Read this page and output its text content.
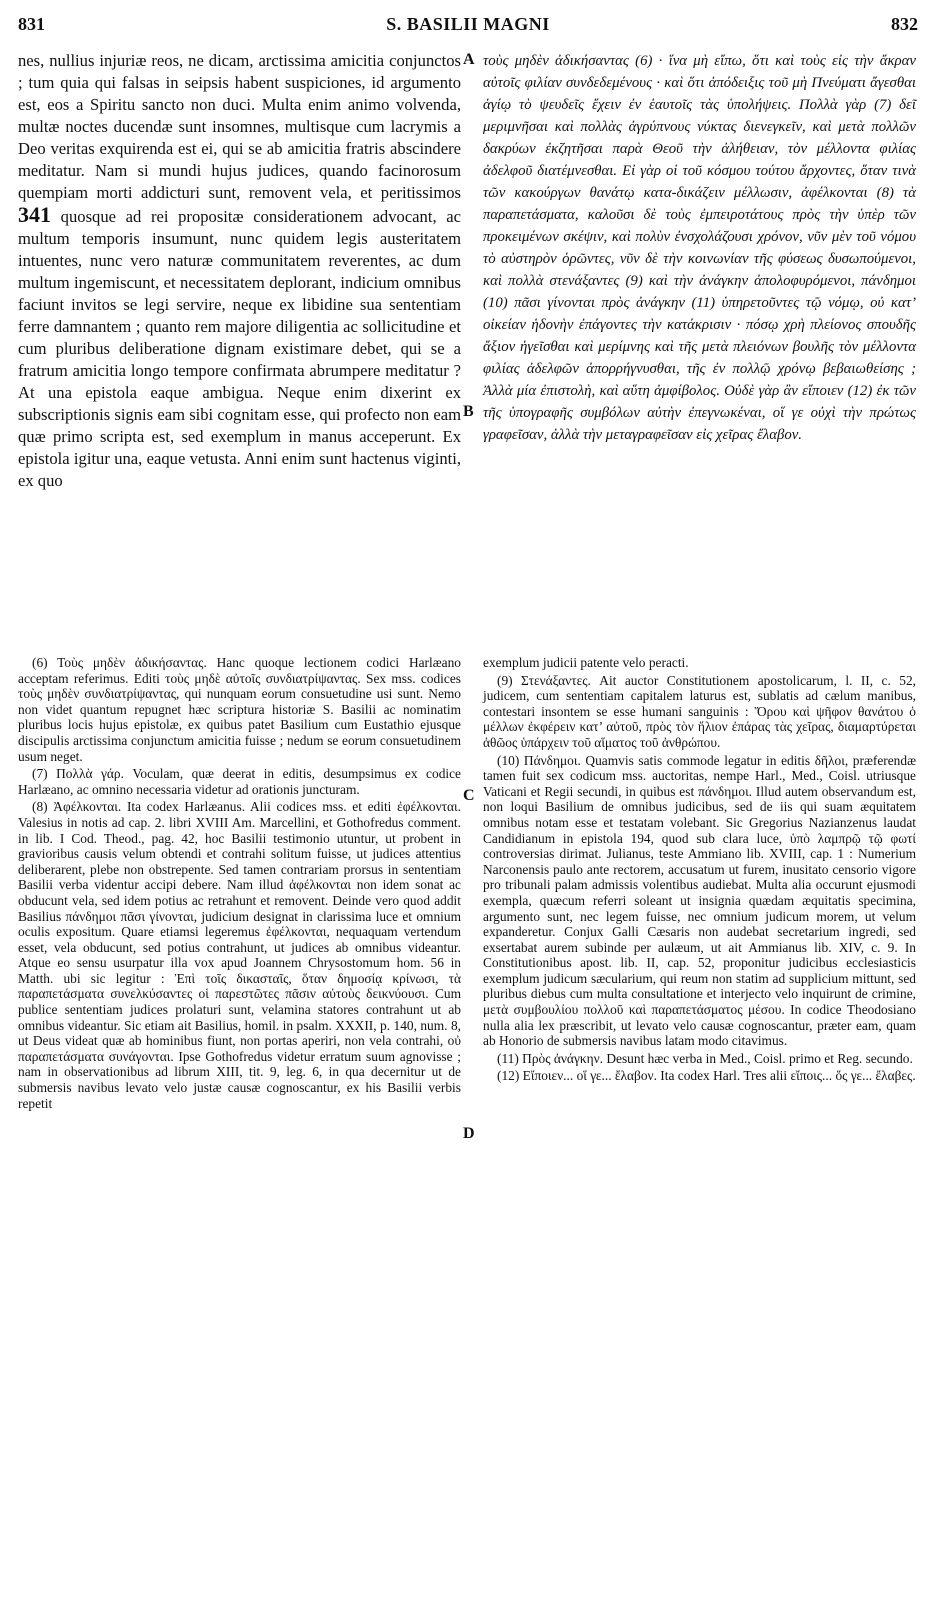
831	S. BASILII MAGNI	832
nes, nullius injuriæ reos, ne dicam, arctissima amicitia conjunctos ; tum quia qui falsas in seipsis habent suspiciones, id argumento est, eos a Spiritu sancto non duci. Multa enim animo volvenda, multæ noctes ducendæ sunt insomnes, multisque cum lacrymis a Deo veritas exquirenda est ei, qui se ab amicitia fratris abscindere meditatur. Nam si mundi hujus judices, quando facinorosum quempiam morti addicturi sunt, removent vela, et peritissimos 341 quosque ad rei propositæ considerationem advocant, ac multum temporis insumunt, nunc quidem legis austeritatem intuentes, nunc vero naturæ communitatem reverentes, ac dum multum ingemiscunt, et necessitatem deplorant, indicium omnibus faciunt invitos se legi servire, neque ex libidine sua sententiam ferre damnantem ; quanto rem majore diligentia ac sollicitudine et cum pluribus deliberatione dignam existimare debet, qui se a fratrum amicitia longo tempore confirmata abrumpere meditatur ? At una epistola eaque ambigua. Neque enim dixerint ex subscriptionis signis eam sibi cognitam esse, qui profecto non eam quæ primo scripta est, sed exemplum in manus acceperunt. Ex epistola igitur una, eaque vetusta. Anni enim sunt hactenus viginti, ex quo
A
B
C
D
τοὺς μηδὲν ἀδικήσαντας (6) · ἵνα μὴ εἴπω, ὅτι καὶ τοὺς εἰς τὴν ἄκραν αὐτοῖς φιλίαν συνδεδεμένους · καὶ ὅτι ἀπόδειξις τοῦ μὴ Πνεύματι ἄγεσθαι ἁγίῳ τὸ ψευδεῖς ἔχειν ἐν ἑαυτοῖς τὰς ὑπολήψεις. Πολλὰ γὰρ (7) δεῖ μεριμνῆσαι καὶ πολλὰς ἀγρύπνους νύκτας διενεγκεῖν, καὶ μετὰ πολλῶν δακρύων ἐκζητῆσαι παρὰ Θεοῦ τὴν ἀλήθειαν, τὸν μέλλοντα φιλίας ἀδελφοῦ διατέμνεσθαι. Εἰ γὰρ οἱ τοῦ κόσμου τούτου ἄρχοντες, ὅταν τινὰ τῶν κακούργων θανάτῳ κατα-δικάζειν μέλλωσιν, ἀφέλκονται (8) τὰ παραπετάσματα, καλοῦσι δὲ τοὺς ἐμπειροτάτους πρὸς τὴν ὑπὲρ τῶν προκειμένων σκέψιν, καὶ πολὺν ἐνσχολάζουσι χρόνον, νῦν μὲν τοῦ νόμου τὸ αὐστηρὸν ὁρῶντες, νῦν δὲ τὴν κοινωνίαν τῆς φύσεως δυσωπούμενοι, καὶ πολλὰ στενάξαντες (9) καὶ τὴν ἀνάγκην ἀπολοφυρόμενοι, πάνδημοι (10) πᾶσι γίνονται πρὸς ἀνάγκην (11) ὑπηρετοῦντες τῷ νόμῳ, οὐ κατ’ οἰκείαν ἡδονὴν ἐπάγοντες τὴν κατάκρισιν · πόσῳ χρὴ πλείονος σπουδῆς ἄξιον ἡγεῖσθαι καὶ μερίμνης καὶ τῆς μετὰ πλειόνων βουλῆς τὸν μέλλοντα φιλίας ἀδελφῶν ἀπορρήγνυσθαι, τῆς ἐν πολλῷ χρόνῳ βεβαιωθείσης ; Ἀλλὰ μία ἐπιστολὴ, καὶ αὕτη ἀμφίβολος. Οὐδὲ γὰρ ἂν εἴποιεν (12) ἐκ τῶν τῆς ὑπογραφῆς συμβόλων αὐτὴν ἐπεγνωκέναι, οἵ γε οὐχὶ τὴν πρώτως γραφεῖσαν, ἀλλὰ τὴν μεταγραφεῖσαν εἰς χεῖρας ἔλαβον.

(6) Τοὺς μηδὲν ἀδικήσαντας. Hanc quoque lectionem codici Harlæano acceptam referimus. Editi τοὺς μηδὲ αὐτοῖς συνδιατρίψαντας. Sex mss. codices τοὺς μηδὲν συνδιατρίψαντας, qui nunquam eorum consuetudine usi sunt. Nemo non videt quantum repugnet hæc scriptura historiæ S. Basilii ac nominatim pluribus locis hujus epistolæ, ex quibus patet Basilium cum Eustathio ejusque discipulis arctissima conjunctum amicitia fuisse ; nedum se eorum consuetudinem usum neget.

(7) Πολλὰ γάρ. Voculam, quæ deerat in editis, desumpsimus ex codice Harlæano, ac omnino necessaria videtur ad orationis juncturam.

(8) Ἀφέλκονται. Ita codex Harlæanus. Alii codices mss. et editi ἐφέλκονται. Valesius in notis ad cap. 2. libri XVIII Am. Marcellini, et Gothofredus comment. in lib. I Cod. Theod., pag. 42, hoc Basilii testimonio utuntur, ut probent in gravioribus causis velum obtendi et contrahi solitum fuisse, ut judices attentius deliberarent, plebe non obstrepente. Sed tamen contrariam prorsus in sententiam Basilii verba videntur accipi debere. Nam illud ἀφέλκονται non idem sonat ac obducunt vela, sed idem potius ac retrahunt et removent. Deinde vero quod addit Basilius πάνδημοι πᾶσι γίνονται, judicium designat in clarissima luce et omnium oculis expositum. Quare etiamsi legeremus ἐφέλκονται, nequaquam vertendum esset, vela obducunt, sed potius contrahunt, ut judices ab omnibus videantur. Atque eo sensu usurpatur illa vox apud Joannem Chrysostomum hom. 56 in Matth. ubi sic legitur : Ἐπὶ τοῖς δικασταῖς, ὅταν δημοσίᾳ κρίνωσι, τὰ παραπετάσματα συνελκύσαντες οἱ παρεστῶτες πᾶσιν αὐτοὺς δεικνύουσι. Cum publice sententiam judices prolaturi sunt, velamina statores contrahunt ut ab omnibus videantur. Sic etiam ait Basilius, homil. in psalm. XXXII, p. 140, num. 8, ut Deus videat quæ ab hominibus fiunt, non portas aperiri, non vela contrahi, οὐ παραπετάσματα συνάγονται. Ipse Gothofredus videtur erratum suum agnovisse ; nam in observationibus ad librum XIII, tit. 9, leg. 6, in qua decernitur ut de submersis navibus levato velo justæ causæ cognoscantur, ex his Basilii verbis repetit

exemplum judicii patente velo peracti.

(9) Στενάξαντες. Ait auctor Constitutionem apostolicarum, l. II, c. 52, judicem, cum sententiam capitalem laturus est, sublatis ad cælum manibus, contestari insontem se esse humani sanguinis : Ὅρου καὶ ψῆφον θανάτου ὁ μέλλων ἐκφέρειν κατ’ αὐτοῦ, πρὸς τὸν ἥλιον ἐπάρας τὰς χεῖρας, διαμαρτύρεται ἀθῶος ὑπάρχειν τοῦ αἵματος τοῦ ἀνθρώπου.

(10) Πάνδημοι. Quamvis satis commode legatur in editis δῆλοι, præferendæ tamen fuit sex codicum mss. auctoritas, nempe Harl., Med., Coisl. utriusque Vaticani et Regii secundi, in quibus est πάνδημοι. Illud autem observandum est, non loqui Basilium de omnibus judicibus, sed de iis qui suam æquitatem omnibus notam esse et testatam volebant. Sic Gregorius Nazianzenus laudat Candidianum in epistola 194, quod sub clara luce, ὑπὸ λαμπρῷ τῷ φωτί controversias dirimat. Julianus, teste Ammiano lib. XVIII, cap. 1 : Numerium Narconensis paulo ante rectorem, accusatum ut furem, inusitato censorio vigore pro tribunali palam admissis volentibus audiebat. Multa alia occurunt ejusmodi exempla, quæcum referri soleant ut insignia quædam æquitatis specimina, argumento sunt, nec legem fuisse, nec omnium judicum morem, ut velum expanderetur. Conjux Galli Cæsaris non audebat secretarium ingredi, sed exsertabat aurem subinde per aulæum, ut ait Ammianus lib. XIV, c. 9. In Constitutionibus apost. lib. II, cap. 52, proponitur judicibus ecclesiasticis exemplum judicum sæcularium, qui reum non statim ad supplicium mittunt, sed pluribus diebus cum multa consultatione et interjecto velo inquirunt de crimine, μετὰ συμβουλίου πολλοῦ καὶ παραπετάσματος μέσου. In codice Theodosiano nulla alia lex præscribit, ut levato velo causæ cognoscantur, præter eam, quam ab Honorio de submersis navibus latam modo citavimus.

(11) Πρὸς ἀνάγκην. Desunt hæc verba in Med., Coisl. primo et Reg. secundo.

(12) Εἴποιεν... οἵ γε... ἔλαβον. Ita codex Harl. Tres alii εἴποις... ὅς γε... ἔλαβες.
